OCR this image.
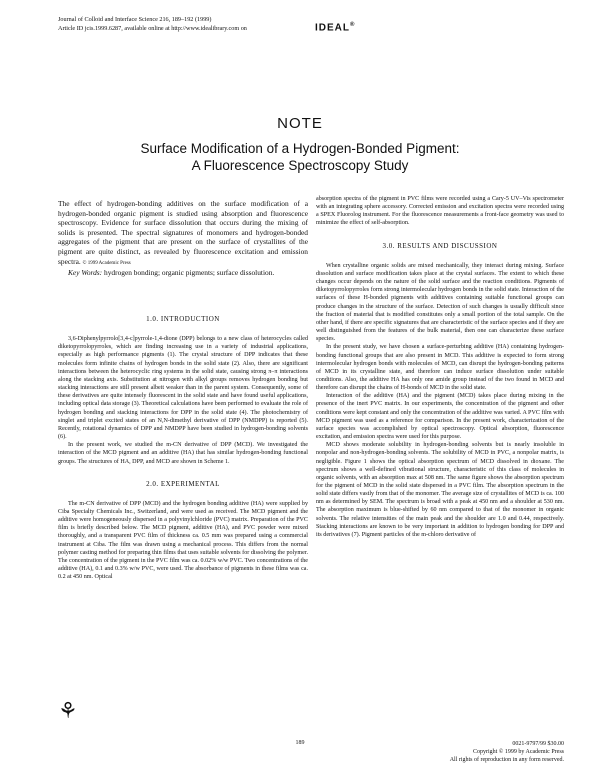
Journal of Colloid and Interface Science 216, 189–192 (1999)
Article ID jcis.1999.6287, available online at http://www.idealibrary.com on	IDEAL®
NOTE
Surface Modification of a Hydrogen-Bonded Pigment:
A Fluorescence Spectroscopy Study
The effect of hydrogen-bonding additives on the surface modification of a hydrogen-bonded organic pigment is studied using absorption and fluorescence spectroscopy. Evidence for surface dissolution that occurs during the mixing of solids is presented. The spectral signatures of monomers and hydrogen-bonded aggregates of the pigment that are present on the surface of crystallites of the pigment are quite distinct, as revealed by fluorescence excitation and emission spectra. © 1999 Academic Press
Key Words: hydrogen bonding; organic pigments; surface dissolution.
1.0. INTRODUCTION

3,6-Diphenylpyrrolo[3,4-c]pyrrole-1,4-dione (DPP) belongs to a new class of heterocycles called diketopyrrolopyrroles, which are finding increasing use in a variety of industrial applications, especially as high performance pigments (1). The crystal structure of DPP indicates that these molecules form infinite chains of hydrogen bonds in the solid state (2). Also, there are significant interactions between the heterocyclic ring systems in the solid state, causing strong π–π interactions along the stacking axis. Substitution at nitrogen with alkyl groups removes hydrogen bonding but stacking interactions are still present albeit weaker than in the parent system. Consequently, some of these derivatives are quite intensely fluorescent in the solid state and have found useful applications, including optical data storage (3). Theoretical calculations have been performed to evaluate the role of hydrogen bonding and stacking interactions for DPP in the solid state (4). The photochemistry of singlet and triplet excited states of an N,N-dimethyl derivative of DPP (NMDPP) is reported (5). Recently, rotational dynamics of DPP and NMDPP have been studied in hydrogen-bonding solvents (6).

In the present work, we studied the m-CN derivative of DPP (MCD). We investigated the interaction of the MCD pigment and an additive (HA) that has similar hydrogen-bonding functional groups. The structures of HA, DPP, and MCD are shown in Scheme 1.

2.0. EXPERIMENTAL

The m-CN derivative of DPP (MCD) and the hydrogen bonding additive (HA) were supplied by Ciba Specialty Chemicals Inc., Switzerland, and were used as received. The MCD pigment and the additive were homogeneously dispersed in a polyvinylchloride (PVC) matrix. Preparation of the PVC film is briefly described below. The MCD pigment, additive (HA), and PVC powder were mixed thoroughly, and a transparent PVC film of thickness ca. 0.5 mm was prepared using a commercial instrument at Ciba. The film was drawn using a mechanical process. This differs from the normal polymer casting method for preparing thin films that uses suitable solvents for dissolving the polymer. The concentration of the pigment in the PVC film was ca. 0.02% w/w PVC. Two concentrations of the additive (HA), 0.1 and 0.3% w/w PVC, were used. The absorbance of pigments in these films was ca. 0.2 at 450 nm. Optical

absorption spectra of the pigment in PVC films were recorded using a Cary-5 UV–Vis spectrometer with an integrating sphere accessory. Corrected emission and excitation spectra were recorded using a SPEX Fluorolog instrument. For the fluorescence measurements a front-face geometry was used to minimize the effect of self-absorption.

3.0. RESULTS AND DISCUSSION

When crystalline organic solids are mixed mechanically, they interact during mixing. Surface dissolution and surface modification takes place at the crystal surfaces. The extent to which these changes occur depends on the nature of the solid surface and the reaction conditions. Pigments of diketopyrrolopyrroles form strong intermolecular hydrogen bonds in the solid state. Interaction of the surfaces of these H-bonded pigments with additives containing suitable functional groups can produce changes in the structure of the surface. Detection of such changes is usually difficult since the fraction of material that is modified constitutes only a small portion of the total sample. On the other hand, if there are specific signatures that are characteristic of the surface species and if they are well distinguished from the features of the bulk material, then one can characterize these surface species.

In the present study, we have chosen a surface-perturbing additive (HA) containing hydrogen-bonding functional groups that are also present in MCD. This additive is expected to form strong intermolecular hydrogen bonds with molecules of MCD, can disrupt the hydrogen-bonding patterns of MCD in its crystalline state, and therefore can induce surface dissolution under suitable conditions. Also, the additive HA has only one amide group instead of the two found in MCD and therefore can disrupt the chains of H-bonds of MCD in the solid state.

Interaction of the additive (HA) and the pigment (MCD) takes place during mixing in the presence of the inert PVC matrix. In our experiments, the concentration of the pigment and other conditions were kept constant and only the concentration of the additive was varied. A PVC film with MCD pigment was used as a reference for comparison. In the present work, characterization of the surface species was accomplished by optical spectroscopy. Optical absorption, fluorescence excitation, and emission spectra were used for this purpose.

MCD shows moderate solubility in hydrogen-bonding solvents but is nearly insoluble in nonpolar and non-hydrogen-bonding solvents. The solubility of MCD in PVC, a nonpolar matrix, is negligible. Figure 1 shows the optical absorption spectrum of MCD dissolved in dioxane. The spectrum shows a well-defined vibrational structure, characteristic of this class of molecules in organic solvents, with an absorption max at 508 nm. The same figure shows the absorption spectrum for the pigment of MCD in the solid state dispersed in a PVC film. The absorption spectrum in the solid state differs vastly from that of the monomer. The average size of crystallites of MCD is ca. 100 nm as determined by SEM. The spectrum is broad with a peak at 450 nm and a shoulder at 530 nm. The absorption maximum is blue-shifted by 60 nm compared to that of the monomer in organic solvents. The relative intensities of the main peak and the shoulder are 1.0 and 0.44, respectively. Stacking interactions are known to be very important in addition to hydrogen bonding for DPP and its derivatives (7). Pigment particles of the m-chloro derivative of

⚘
189	0021-9797/99 $30.00
Copyright © 1999 by Academic Press
All rights of reproduction in any form reserved.
